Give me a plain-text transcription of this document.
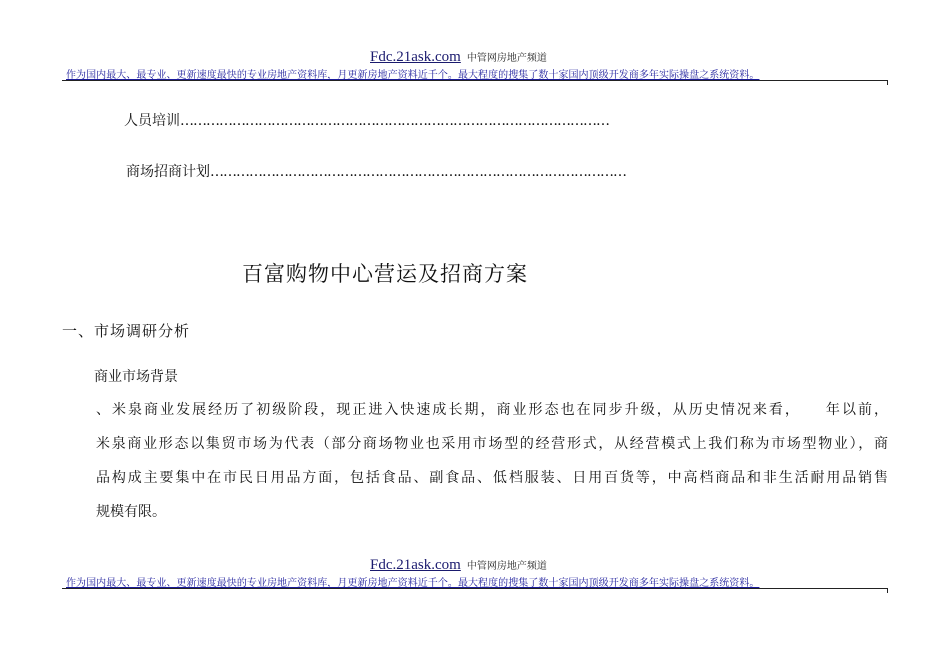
Fdc.21ask.com 中管网房地产频道
作为国内最大、最专业、更新速度最快的专业房地产资料库，月更新房地产资料近千个。最大程度的搜集了数十家国内顶级开发商多年实际操盘之系统资料。
人员培训………………………………………………………………………………………
商场招商计划……………………………………………………………………………………
百富购物中心营运及招商方案
一、市场调研分析
商业市场背景
、米泉商业发展经历了初级阶段，现正进入快速成长期，商业形态也在同步升级，从历史情况来看，　　年以前，
米泉商业形态以集贸市场为代表（部分商场物业也采用市场型的经营形式，从经营模式上我们称为市场型物业），商
品构成主要集中在市民日用品方面，包括食品、副食品、低档服装、日用百货等，中高档商品和非生活耐用品销售
规模有限。
Fdc.21ask.com 中管网房地产频道
作为国内最大、最专业、更新速度最快的专业房地产资料库，月更新房地产资料近千个。最大程度的搜集了数十家国内顶级开发商多年实际操盘之系统资料。
